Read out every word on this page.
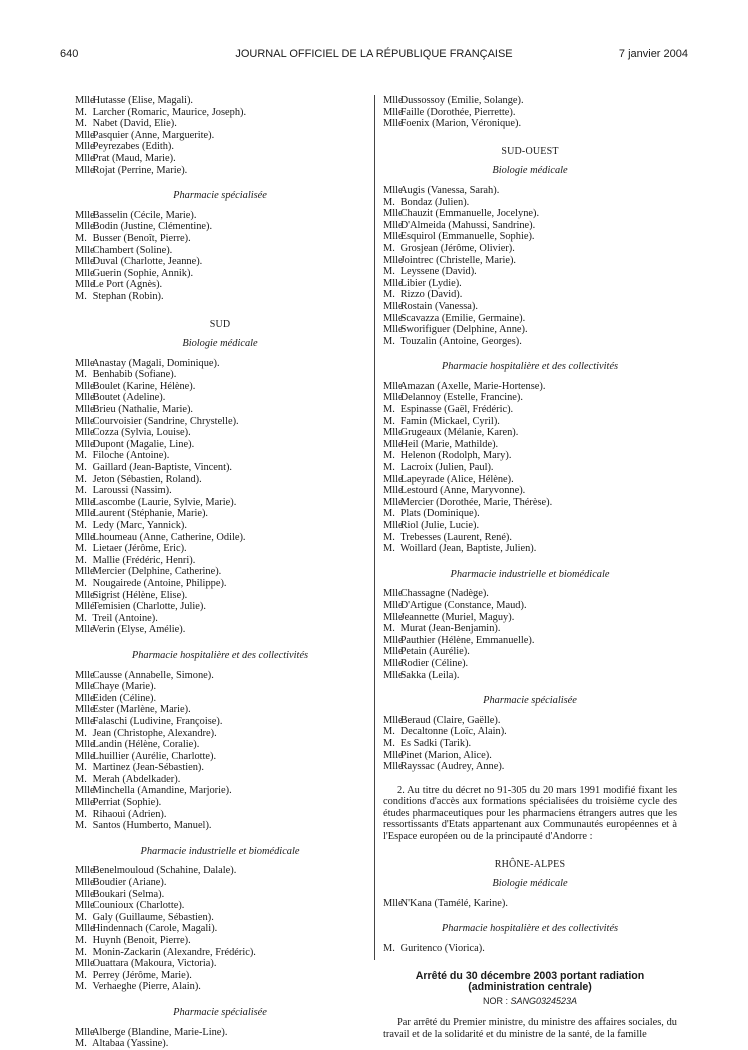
640	JOURNAL OFFICIEL DE LA RÉPUBLIQUE FRANÇAISE	7 janvier 2004
Mlle Hutasse (Elise, Magali).
M. Larcher (Romaric, Maurice, Joseph).
M. Nabet (David, Elie).
Mlle Pasquier (Anne, Marguerite).
Mlle Peyrezabes (Edith).
Mlle Prat (Maud, Marie).
Mlle Rojat (Perrine, Marie).
Pharmacie spécialisée
Mlle Basselin (Cécile, Marie).
Mlle Bodin (Justine, Clémentine).
M. Busser (Benoît, Pierre).
Mlle Chambert (Soline).
Mlle Duval (Charlotte, Jeanne).
Mlle Guerin (Sophie, Annik).
Mlle Le Port (Agnès).
M. Stephan (Robin).
SUD
Biologie médicale
Mlle Anastay (Magali, Dominique).
M. Benhabib (Sofiane).
Mlle Boulet (Karine, Hélène).
Mlle Boutet (Adeline).
Mlle Brieu (Nathalie, Marie).
Mlle Courvoisier (Sandrine, Chrystelle).
Mlle Cozza (Sylvia, Louise).
Mlle Dupont (Magalie, Line).
M. Filoche (Antoine).
M. Gaillard (Jean-Baptiste, Vincent).
M. Jeton (Sébastien, Roland).
M. Laroussi (Nassim).
Mlle Lascombe (Laurie, Sylvie, Marie).
Mlle Laurent (Stéphanie, Marie).
M. Ledy (Marc, Yannick).
Mlle Lhoumeau (Anne, Catherine, Odile).
M. Lietaer (Jérôme, Eric).
M. Mallie (Frédéric, Henri).
Mlle Mercier (Delphine, Catherine).
M. Nougairede (Antoine, Philippe).
Mlle Sigrist (Hélène, Elise).
Mlle Temisien (Charlotte, Julie).
M. Treil (Antoine).
Mlle Verin (Elyse, Amélie).
Pharmacie hospitalière et des collectivités
Mlle Causse (Annabelle, Simone).
Mlle Chaye (Marie).
Mlle Eiden (Céline).
Mlle Ester (Marlène, Marie).
Mlle Falaschi (Ludivine, Françoise).
M. Jean (Christophe, Alexandre).
Mlle Landin (Hélène, Coralie).
Mlle Lhuillier (Aurélie, Charlotte).
M. Martinez (Jean-Sébastien).
M. Merah (Abdelkader).
Mlle Minchella (Amandine, Marjorie).
Mlle Perriat (Sophie).
M. Rihaoui (Adrien).
M. Santos (Humberto, Manuel).
Pharmacie industrielle et biomédicale
Mlle Benelmouloud (Schahine, Dalale).
Mlle Boudier (Ariane).
Mlle Boukari (Selma).
Mlle Counioux (Charlotte).
M. Galy (Guillaume, Sébastien).
Mlle Hindennach (Carole, Magali).
M. Huynh (Benoit, Pierre).
M. Monin-Zackarin (Alexandre, Frédéric).
Mlle Ouattara (Makoura, Victoria).
M. Perrey (Jérôme, Marie).
M. Verhaeghe (Pierre, Alain).
Pharmacie spécialisée
Mlle Alberge (Blandine, Marie-Line).
M. Altabaa (Yassine).
Mlle Dussossoy (Emilie, Solange).
Mlle Faille (Dorothée, Pierrette).
Mlle Foenix (Marion, Véronique).
SUD-OUEST
Biologie médicale
Mlle Augis (Vanessa, Sarah).
M. Bondaz (Julien).
Mlle Chauzit (Emmanuelle, Jocelyne).
Mlle D'Almeida (Mahussi, Sandrine).
Mlle Esquirol (Emmanuelle, Sophie).
M. Grosjean (Jérôme, Olivier).
Mlle Jointrec (Christelle, Marie).
M. Leyssene (David).
Mlle Libier (Lydie).
M. Rizzo (David).
Mlle Rostain (Vanessa).
Mlle Scavazza (Emilie, Germaine).
Mlle Sworifiguer (Delphine, Anne).
M. Touzalin (Antoine, Georges).
Pharmacie hospitalière et des collectivités
Mlle Amazan (Axelle, Marie-Hortense).
Mlle Delannoy (Estelle, Francine).
M. Espinasse (Gaël, Frédéric).
M. Famin (Mickael, Cyril).
Mlle Grugeaux (Mélanie, Karen).
Mlle Heil (Marie, Mathilde).
M. Helenon (Rodolph, Mary).
M. Lacroix (Julien, Paul).
Mlle Lapeyrade (Alice, Hélène).
Mlle Lestourd (Anne, Maryvonne).
Mlle Mercier (Dorothée, Marie, Thérèse).
M. Plats (Dominique).
Mlle Riol (Julie, Lucie).
M. Trebesses (Laurent, René).
M. Woillard (Jean, Baptiste, Julien).
Pharmacie industrielle et biomédicale
Mlle Chassagne (Nadège).
Mlle D'Artigue (Constance, Maud).
Mlle Jeannette (Muriel, Maguy).
M. Murat (Jean-Benjamin).
Mlle Pauthier (Hélène, Emmanuelle).
Mlle Petain (Aurélie).
Mlle Rodier (Céline).
Mlle Sakka (Leila).
Pharmacie spécialisée
Mlle Beraud (Claire, Gaëlle).
M. Decaltonne (Loïc, Alain).
M. Es Sadki (Tarik).
Mlle Pinet (Marion, Alice).
Mlle Rayssac (Audrey, Anne).
2. Au titre du décret no 91-305 du 20 mars 1991 modifié fixant les conditions d'accès aux formations spécialisées du troisième cycle des études pharmaceutiques pour les pharmaciens étrangers autres que les ressortissants d'Etats appartenant aux Communautés européennes et à l'Espace européen ou de la principauté d'Andorre :
RHÔNE-ALPES
Biologie médicale
Mlle N'Kana (Tamélé, Karine).
Pharmacie hospitalière et des collectivités
M. Guritenco (Viorica).
Arrêté du 30 décembre 2003 portant radiation
(administration centrale)
NOR : SANG0324523A
Par arrêté du Premier ministre, du ministre des affaires sociales, du travail et de la solidarité et du ministre de la santé, de la famille
